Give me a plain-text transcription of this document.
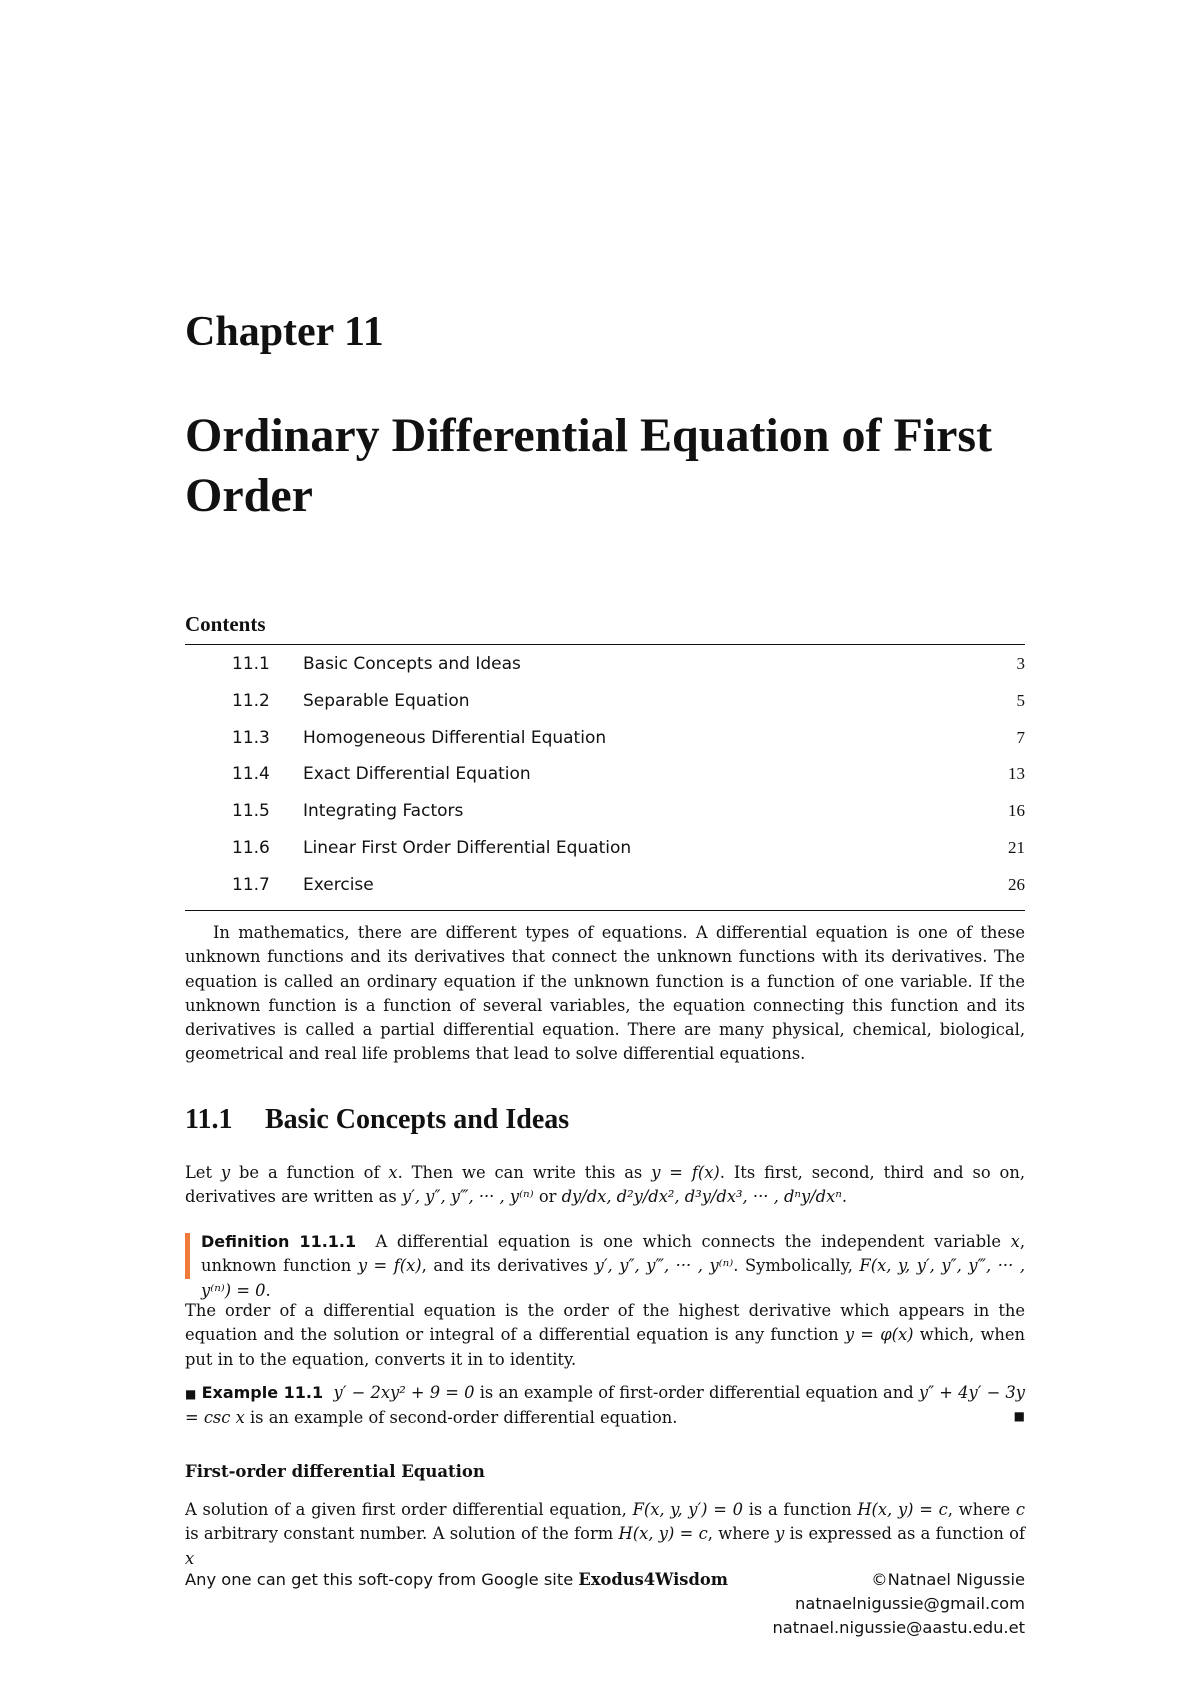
Chapter 11
Ordinary Differential Equation of First Order
Contents
11.1 Basic Concepts and Ideas	3
11.2 Separable Equation	5
11.3 Homogeneous Differential Equation	7
11.4 Exact Differential Equation	13
11.5 Integrating Factors	16
11.6 Linear First Order Differential Equation	21
11.7 Exercise	26

In mathematics, there are different types of equations. A differential equation is one of these unknown functions and its derivatives that connect the unknown functions with its derivatives. The equation is called an ordinary equation if the unknown function is a function of one variable. If the unknown function is a function of several variables, the equation connecting this function and its derivatives is called a partial differential equation. There are many physical, chemical, biological, geometrical and real life problems that lead to solve differential equations.

11.1 Basic Concepts and Ideas

Let y be a function of x. Then we can write this as y = f(x). Its first, second, third and so on, derivatives are written as y′, y″, y‴, ··· , y⁽ⁿ⁾ or dy/dx, d²y/dx², d³y/dx³, ··· , dⁿy/dxⁿ.

Definition 11.1.1 A differential equation is one which connects the independent variable x, unknown function y = f(x), and its derivatives y′, y″, y‴, ··· , y⁽ⁿ⁾. Symbolically, F(x, y, y′, y″, y‴, ··· , y⁽ⁿ⁾) = 0.

The order of a differential equation is the order of the highest derivative which appears in the equation and the solution or integral of a differential equation is any function y = φ(x) which, when put in to the equation, converts it in to identity.

■ Example 11.1 y′ − 2xy² + 9 = 0 is an example of first-order differential equation and y″ + 4y′ − 3y = csc x is an example of second-order differential equation.	■

First-order differential Equation

A solution of a given first order differential equation, F(x, y, y′) = 0 is a function H(x, y) = c, where c is arbitrary constant number. A solution of the form H(x, y) = c, where y is expressed as a function of x

Any one can get this soft-copy from Google site Exodus4Wisdom	©Natnael Nigussie
natnaelnigussie@gmail.com
natnael.nigussie@aastu.edu.et
